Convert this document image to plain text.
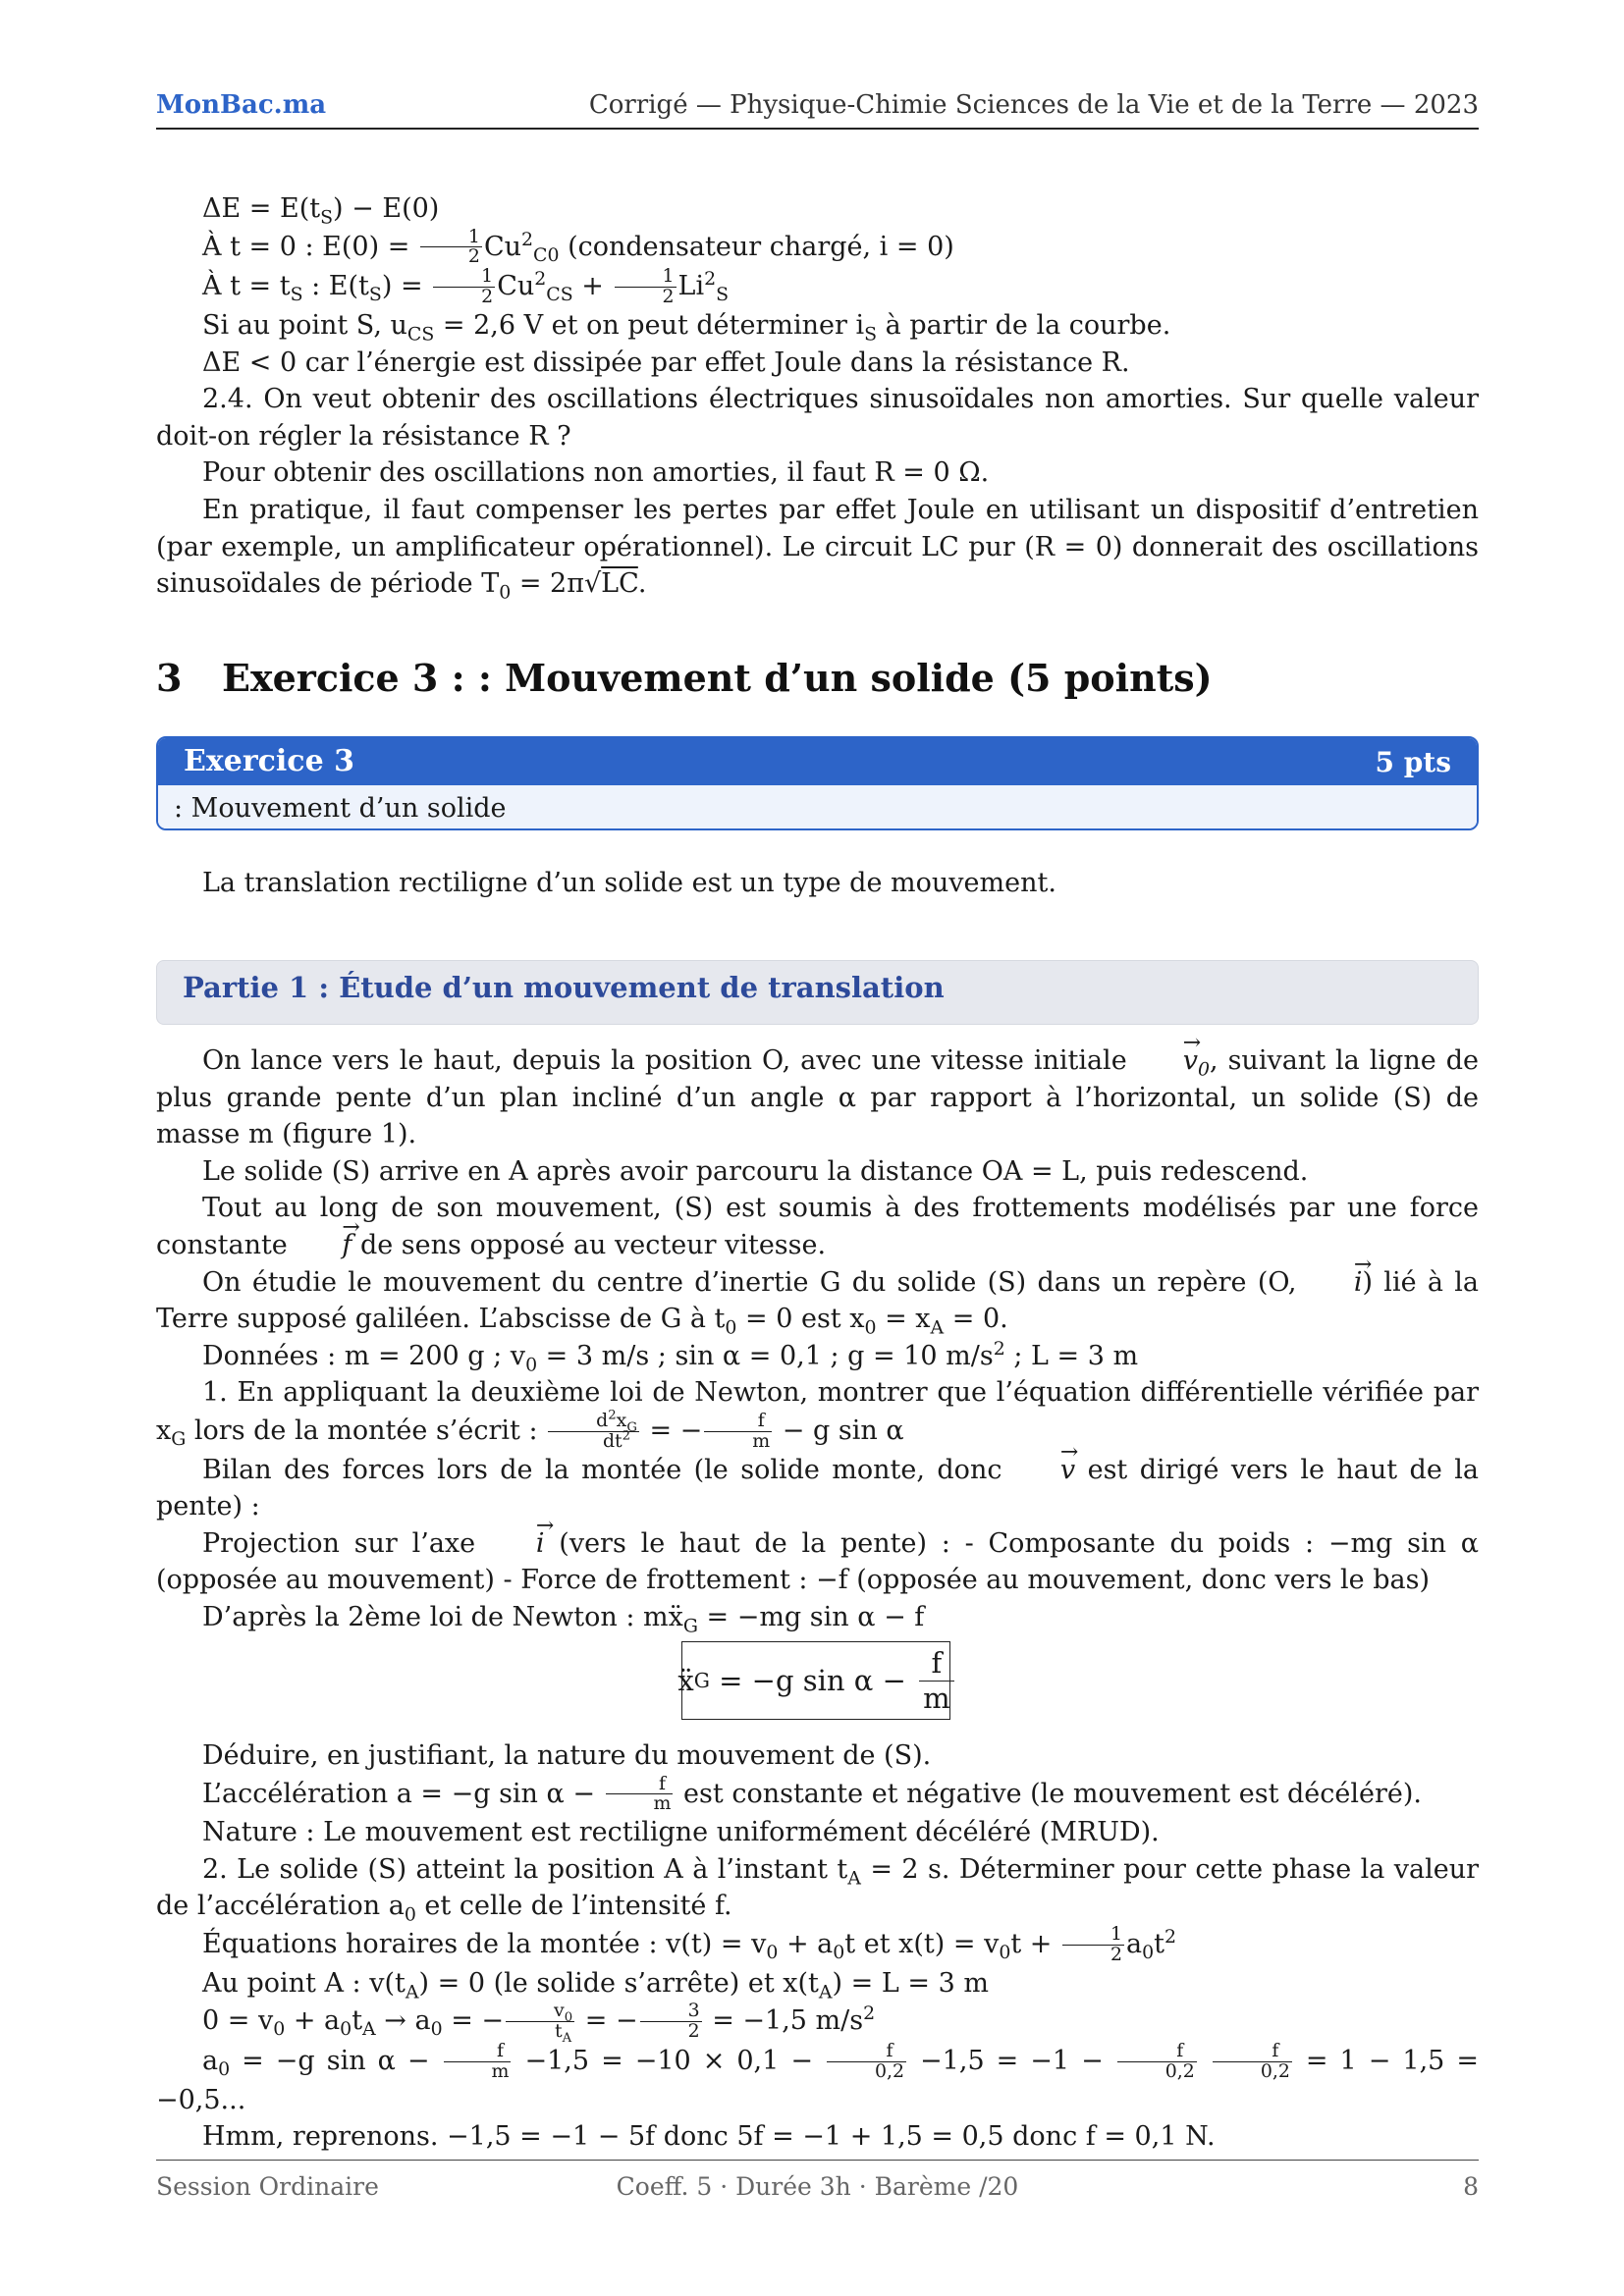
MonBac.ma	Corrigé — Physique-Chimie Sciences de la Vie et de la Terre — 2023

$\Delta E = E(t_S) - E(0)$

À t = 0 : $E(0) = \frac{1}{2} Cu^2_{C0}$ (condensateur chargé, i = 0)

À $t = t_S$ : $E(t_S) = \frac{1}{2} Cu^2_{CS} + \frac{1}{2} Li^2_S$

Si au point S, $u_{CS} = 2,6$ V et on peut déterminer $i_S$ à partir de la courbe.

ΔE < 0 car l’énergie est dissipée par effet Joule dans la résistance R.

2.4. On veut obtenir des oscillations électriques sinusoïdales non amorties. Sur quelle valeur doit-on régler la résistance R ?

Pour obtenir des oscillations non amorties, il faut R = 0 Ω.

En pratique, il faut compenser les pertes par effet Joule en utilisant un dispositif d’entretien (par exemple, un amplificateur opérationnel). Le circuit LC pur (R = 0) donnerait des oscillations sinusoïdales de période $T_0 = 2\pi√LC$.

3 Exercice 3 : : Mouvement d’un solide (5 points)
Exercice 3	5 pts
: Mouvement d’un solide
La translation rectiligne d’un solide est un type de mouvement.
Partie 1 : Étude d’un mouvement de translation

On lance vers le haut, depuis la position O, avec une vitesse initiale → $v_0$, suivant la ligne de plus grande pente d’un plan incliné d’un angle α par rapport à l’horizontal, un solide (S) de masse m (figure 1).

Le solide (S) arrive en A après avoir parcouru la distance OA = L, puis redescend.

Tout au long de son mouvement, (S) est soumis à des frottements modélisés par une force constante → f de sens opposé au vecteur vitesse.

On étudie le mouvement du centre d’inertie G du solide (S) dans un repère (O, → i) lié à la Terre supposé galiléen. L’abscisse de G à $t_0 = 0$ est $x_0 = x_A = 0$.

Données : m = 200 g ; $v_0 = 3$ m/s ; sin α = 0,1 ; g = 10 $m/s^2$ ; L = 3 m

1. En appliquant la deuxième loi de Newton, montrer que l’équation différentielle vérifiée par $x_G$ lors de la montée s’écrit : $\frac{d^2x_G}{dt^2}$ = − $\frac{f}{m} - g$ sin α

Bilan des forces lors de la montée (le solide monte, donc → v est dirigé vers le haut de la pente) :

Projection sur l’axe → i (vers le haut de la pente) : - Composante du poids : −mg sin α (opposée au mouvement) - Force de frottement : −f (opposée au mouvement, donc vers le bas)

D’après la 2ème loi de Newton : mẍ$_G$ = −mg sin α − f

ẍ G = −g $\sin \alpha - \frac{f}{m}$

Déduire, en justifiant, la nature du mouvement de (S).

L’accélération a = −g $\sin \alpha - \frac{f}{m}$ est constante et négative (le mouvement est décéléré).

Nature : Le mouvement est rectiligne uniformément décéléré (MRUD).

2. Le solide (S) atteint la position A à l’instant $t_A = 2$ s. Déterminer pour cette phase la valeur de l’accélération $a_0$ et celle de l’intensité f.

Équations horaires de la montée : $v(t) = v_0 + a_0t$ et $x(t) = v_0t + \frac{1}{2} a_0t^2$

Au point A : $v(t_A) = 0$ (le solide s’arrête) et $x(t_A) = L = 3$ m

$0 = v_0 + a_0t_A \to a_0$ = − $\frac{v_0}{t_A}$ = − $\frac{3}{2} = -1,5$ $m/s^2$

$a_0 = -g$ $\sin \alpha - \frac{f}{m} -1,5 = -10 \times 0,1 - \frac{f}{0,2} -1,5 = -1 - \frac{f}{0,2}$
$\frac{f}{0,2} = 1 - 1,5 = -0,5$...

Hmm, reprenons. −1,5 = −1 − 5f donc 5f = −1 + 1,5 = 0,5 donc f = 0,1 N.

Session Ordinaire	Coeff. 5 · Durée 3h · Barème /20	8
